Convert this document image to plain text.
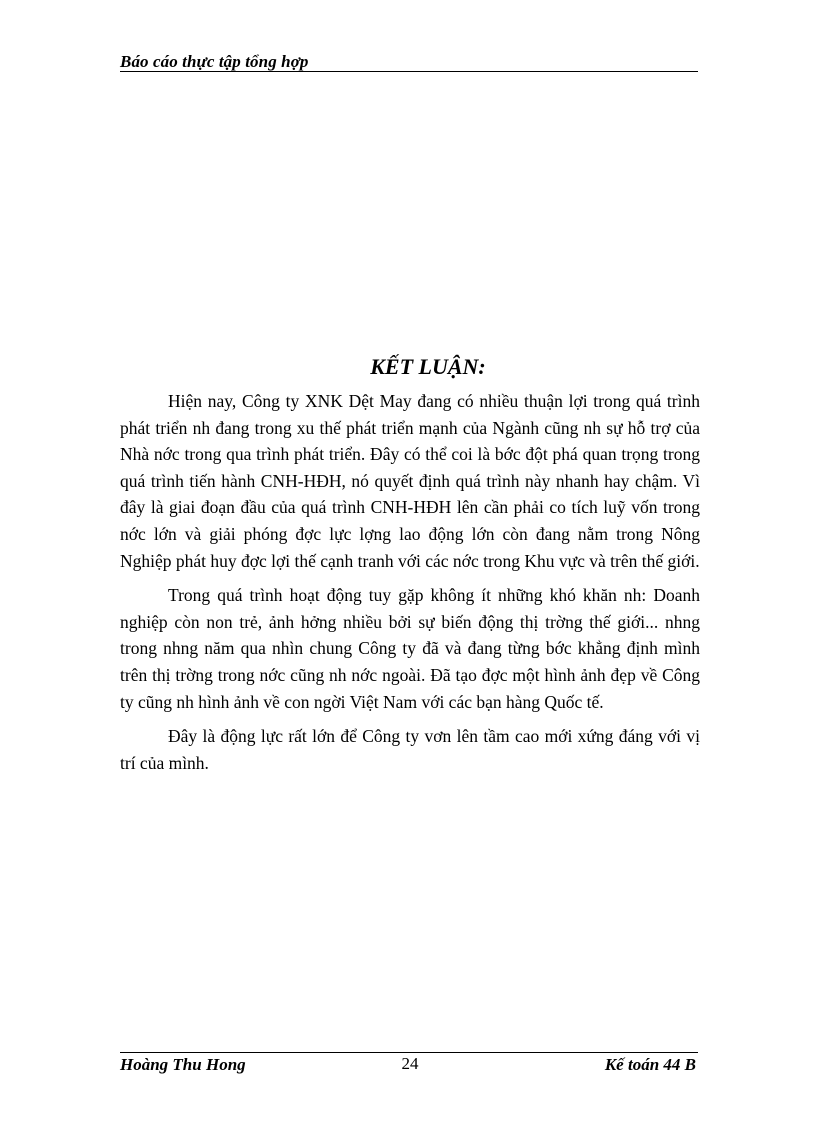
Báo cáo thực tập tổng hợp
KẾT LUẬN:

Hiện nay, Công ty XNK Dệt May đang có nhiều thuận lợi trong quá trình phát triển nh đang trong xu thế phát triển mạnh của Ngành cũng nh sự hỗ trợ của Nhà nớc trong qua trình phát triển. Đây có thể coi là bớc đột phá quan trọng trong quá trình tiến hành CNH-HĐH, nó quyết định quá trình này nhanh hay chậm. Vì đây là giai đoạn đầu của quá trình CNH-HĐH lên cần phải co tích luỹ vốn trong nớc lớn và giải phóng đợc lực lợng lao động lớn còn đang nằm trong Nông Nghiệp phát huy đợc lợi thế cạnh tranh với các nớc trong Khu vực và trên thế giới.

Trong quá trình hoạt động tuy gặp không ít những khó khăn nh: Doanh nghiệp còn non trẻ, ảnh hởng nhiều bởi sự biến động thị trờng thế giới... nhng trong nhng năm qua nhìn chung Công ty đã và đang từng bớc khẳng định mình trên thị trờng trong nớc cũng nh nớc ngoài. Đã tạo đợc một hình ảnh đẹp về Công ty cũng nh hình ảnh về con ngời Việt Nam với các bạn hàng Quốc tế.

Đây là động lực rất lớn để Công ty vơn lên tầm cao mới xứng đáng với vị trí của mình.

Hoàng Thu Hong	24	Kế toán 44 B
